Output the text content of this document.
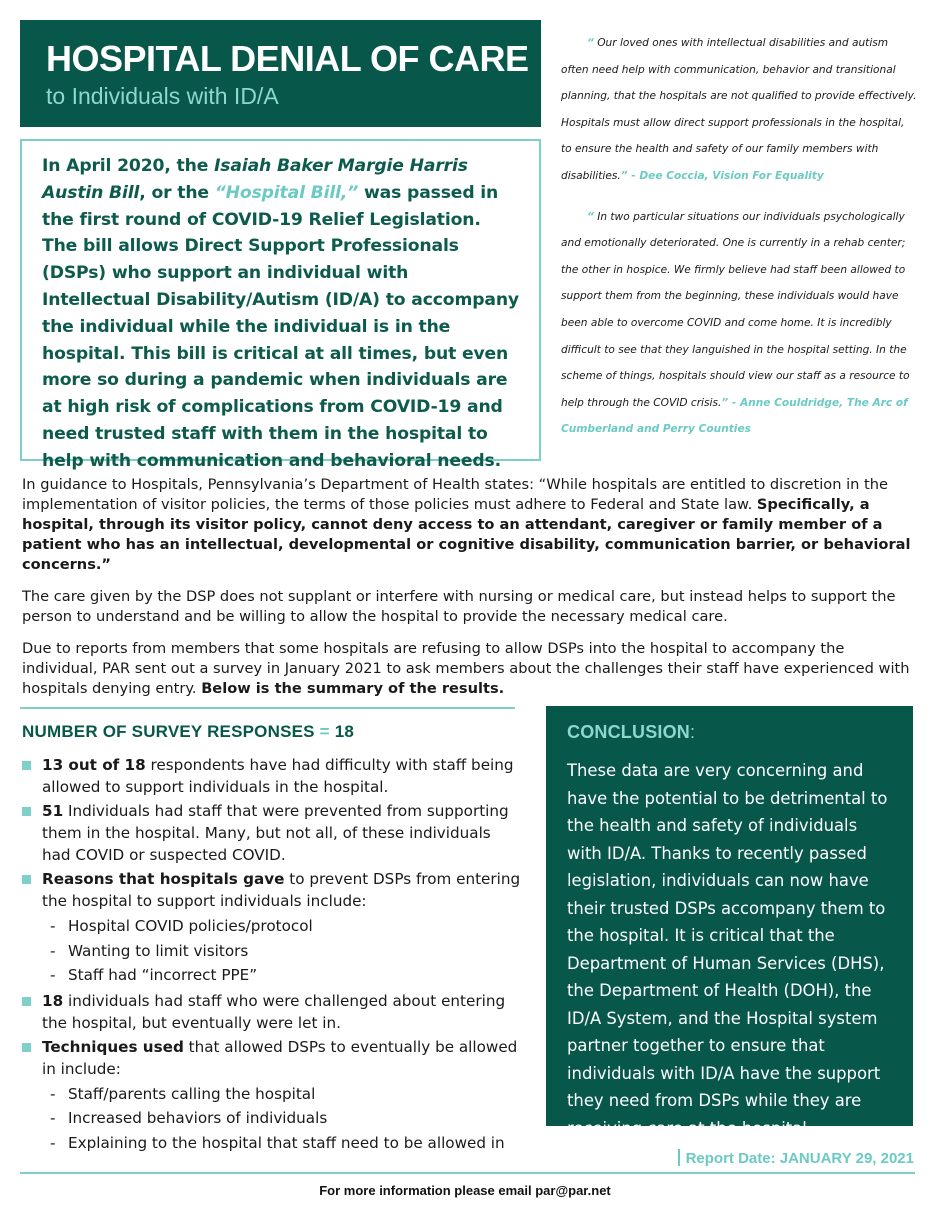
HOSPITAL DENIAL OF CARE
to Individuals with ID/A

In April 2020, the Isaiah Baker Margie Harris Austin Bill, or the “Hospital Bill,” was passed in the first round of COVID-19 Relief Legislation. The bill allows Direct Support Professionals (DSPs) who support an individual with Intellectual Disability/Autism (ID/A) to accompany the individual while the individual is in the hospital. This bill is critical at all times, but even more so during a pandemic when individuals are at high risk of complications from COVID-19 and need trusted staff with them in the hospital to help with communication and behavioral needs.

“ Our loved ones with intellectual disabilities and autism often need help with communication, behavior and transitional planning, that the hospitals are not qualified to provide effectively. Hospitals must allow direct support professionals in the hospital, to ensure the health and safety of our family members with disabilities.” - Dee Coccia, Vision For Equality

“ In two particular situations our individuals psychologically and emotionally deteriorated. One is currently in a rehab center; the other in hospice. We firmly believe had staff been allowed to support them from the beginning, these individuals would have been able to overcome COVID and come home. It is incredibly difficult to see that they languished in the hospital setting. In the scheme of things, hospitals should view our staff as a resource to help through the COVID crisis.” - Anne Couldridge, The Arc of Cumberland and Perry Counties

In guidance to Hospitals, Pennsylvania’s Department of Health states: “While hospitals are entitled to discretion in the implementation of visitor policies, the terms of those policies must adhere to Federal and State law. Specifically, a hospital, through its visitor policy, cannot deny access to an attendant, caregiver or family member of a patient who has an intellectual, developmental or cognitive disability, communication barrier, or behavioral concerns.”

The care given by the DSP does not supplant or interfere with nursing or medical care, but instead helps to support the person to understand and be willing to allow the hospital to provide the necessary medical care.

Due to reports from members that some hospitals are refusing to allow DSPs into the hospital to accompany the individual, PAR sent out a survey in January 2021 to ask members about the challenges their staff have experienced with hospitals denying entry. Below is the summary of the results.

NUMBER OF SURVEY RESPONSES = 18
13 out of 18 respondents have had difficulty with staff being allowed to support individuals in the hospital.
51 Individuals had staff that were prevented from supporting them in the hospital. Many, but not all, of these individuals had COVID or suspected COVID.
Reasons that hospitals gave to prevent DSPs from entering the hospital to support individuals include:
- Hospital COVID policies/protocol
- Wanting to limit visitors
- Staff had “incorrect PPE”
18 individuals had staff who were challenged about entering the hospital, but eventually were let in.
Techniques used that allowed DSPs to eventually be allowed in include:
- Staff/parents calling the hospital
- Increased behaviors of individuals
- Explaining to the hospital that staff need to be allowed in
CONCLUSION:

These data are very concerning and have the potential to be detrimental to the health and safety of individuals with ID/A. Thanks to recently passed legislation, individuals can now have their trusted DSPs accompany them to the hospital. It is critical that the Department of Human Services (DHS), the Department of Health (DOH), the ID/A System, and the Hospital system partner together to ensure that individuals with ID/A have the support they need from DSPs while they are receiving care at the hospital.

Report Date: JANUARY 29, 2021
For more information please email par@par.net
